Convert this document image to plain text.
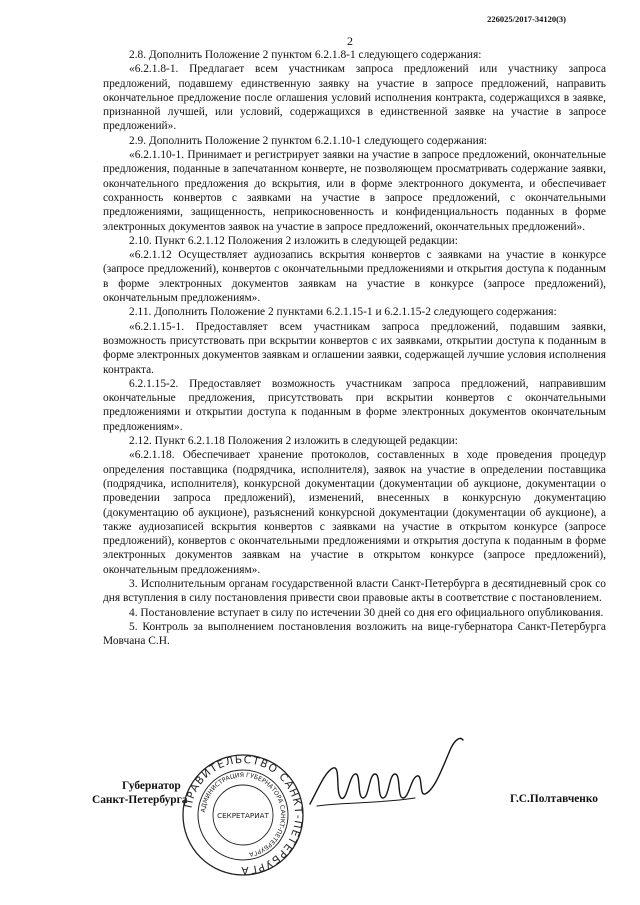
226025/2017-34120(3)
2

2.8. Дополнить Положение 2 пунктом 6.2.1.8-1 следующего содержания:

«6.2.1.8-1. Предлагает всем участникам запроса предложений или участнику запроса предложений, подавшему единственную заявку на участие в запросе предложений, направить окончательное предложение после оглашения условий исполнения контракта, содержащихся в заявке, признанной лучшей, или условий, содержащихся в единственной заявке на участие в запросе предложений».

2.9. Дополнить Положение 2 пунктом 6.2.1.10-1 следующего содержания:

«6.2.1.10-1. Принимает и регистрирует заявки на участие в запросе предложений, окончательные предложения, поданные в запечатанном конверте, не позволяющем просматривать содержание заявки, окончательного предложения до вскрытия, или в форме электронного документа, и обеспечивает сохранность конвертов с заявками на участие в запросе предложений, с окончательными предложениями, защищенность, неприкосновенность и конфиденциальность поданных в форме электронных документов заявок на участие в запросе предложений, окончательных предложений».

2.10. Пункт 6.2.1.12 Положения 2 изложить в следующей редакции:

«6.2.1.12 Осуществляет аудиозапись вскрытия конвертов с заявками на участие в конкурсе (запросе предложений), конвертов с окончательными предложениями и открытия доступа к поданным в форме электронных документов заявкам на участие в конкурсе (запросе предложений), окончательным предложениям».

2.11. Дополнить Положение 2 пунктами 6.2.1.15-1 и 6.2.1.15-2 следующего содержания:

«6.2.1.15-1. Предоставляет всем участникам запроса предложений, подавшим заявки, возможность присутствовать при вскрытии конвертов с их заявками, открытии доступа к поданным в форме электронных документов заявкам и оглашении заявки, содержащей лучшие условия исполнения контракта.

6.2.1.15-2. Предоставляет возможность участникам запроса предложений, направившим окончательные предложения, присутствовать при вскрытии конвертов с окончательными предложениями и открытии доступа к поданным в форме электронных документов окончательным предложениям».

2.12. Пункт 6.2.1.18 Положения 2 изложить в следующей редакции:

«6.2.1.18. Обеспечивает хранение протоколов, составленных в ходе проведения процедур определения поставщика (подрядчика, исполнителя), заявок на участие в определении поставщика (подрядчика, исполнителя), конкурсной документации (документации об аукционе, документации о проведении запроса предложений), изменений, внесенных в конкурсную документацию (документацию об аукционе), разъяснений конкурсной документации (документации об аукционе), а также аудиозаписей вскрытия конвертов с заявками на участие в открытом конкурсе (запросе предложений), конвертов с окончательными предложениями и открытия доступа к поданным в форме электронных документов заявкам на участие в открытом конкурсе (запросе предложений), окончательным предложениям».

3. Исполнительным органам государственной власти Санкт-Петербурга в десятидневный срок со дня вступления в силу постановления привести свои правовые акты в соответствие с постановлением.

4. Постановление вступает в силу по истечении 30 дней со дня его официального опубликования.

5. Контроль за выполнением постановления возложить на вице-губернатора Санкт-Петербурга Мовчана С.Н.

Губернатор
Санкт-Петербурга
ПРАВИТЕЛЬСТВО САНКТ-ПЕТЕРБУРГА
АДМИНИСТРАЦИЯ ГУБЕРНАТОРА САНКТ-ПЕТЕРБУРГА
СЕКРЕТАРИАТ
Г.С.Полтавченко
